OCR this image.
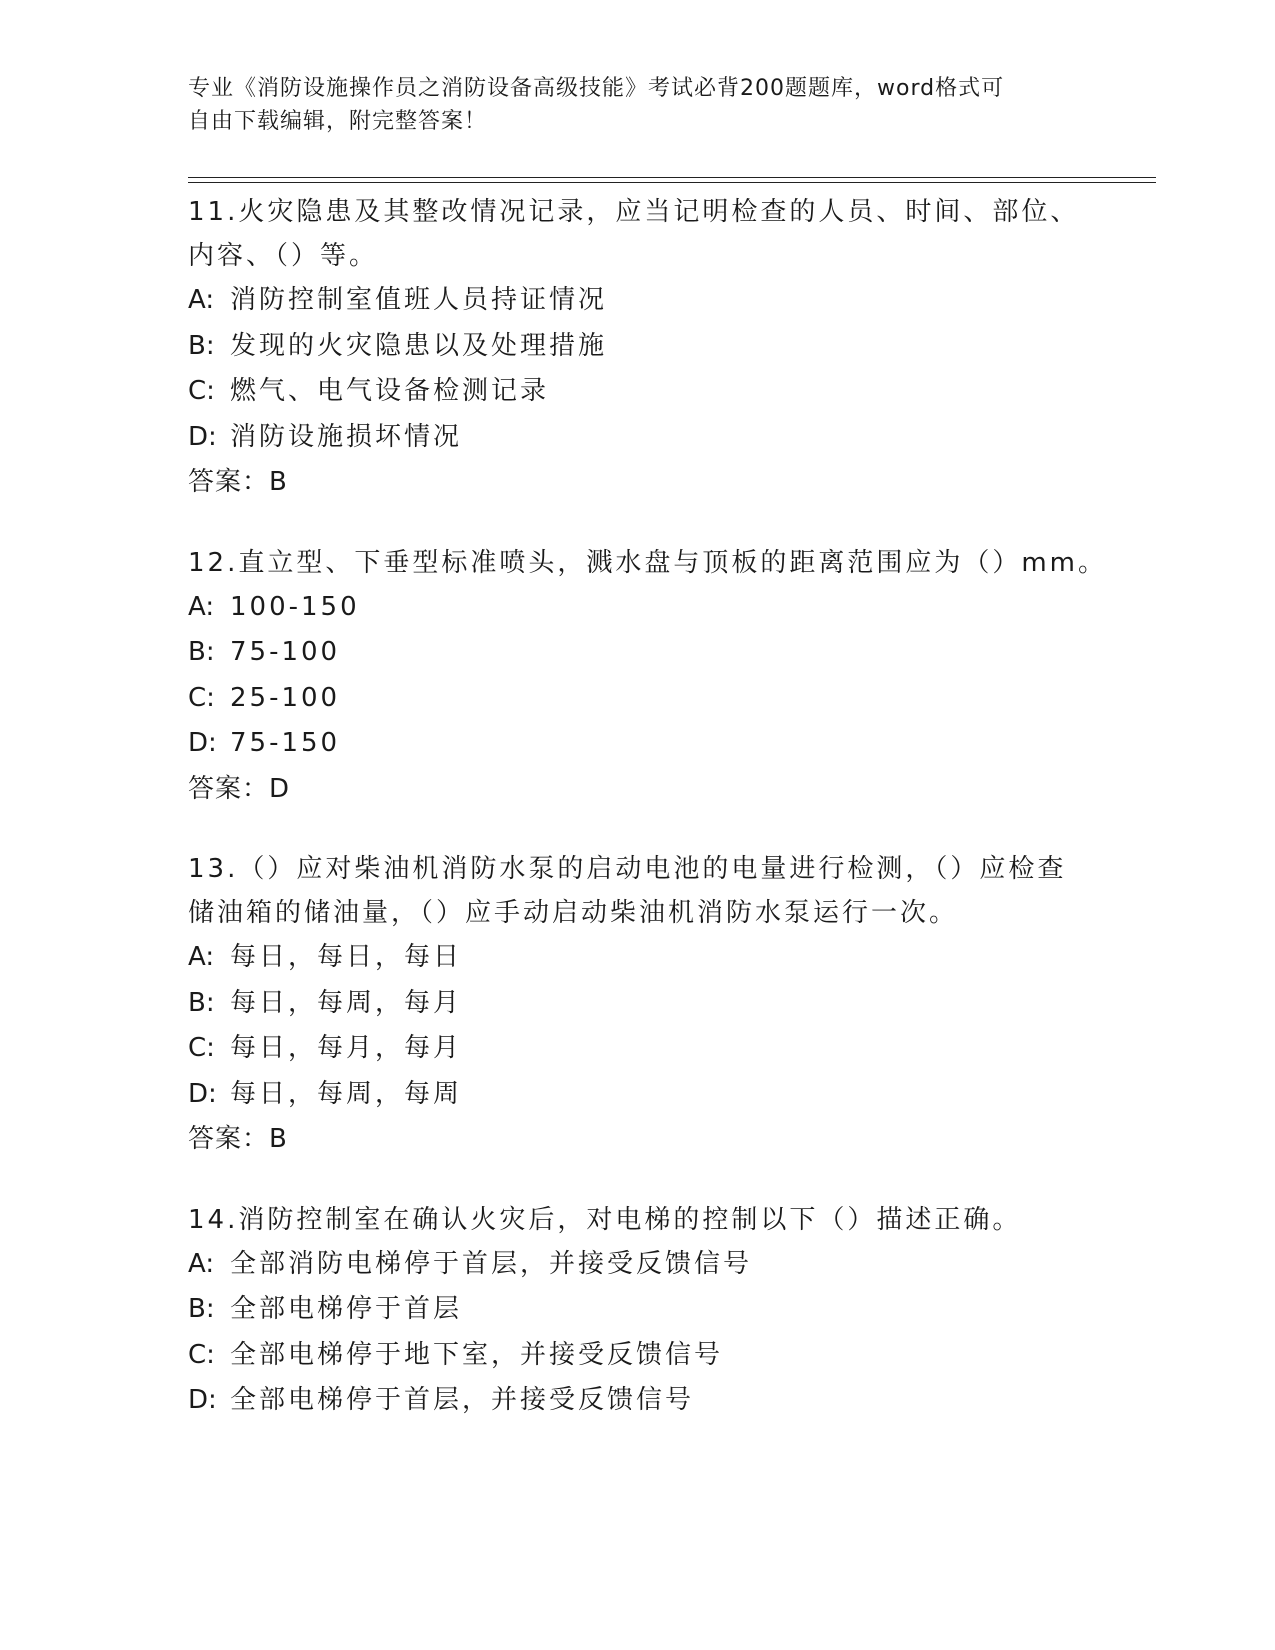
专业《消防设施操作员之消防设备高级技能》考试必背200题题库，word格式可
自由下载编辑，附完整答案！
11.火灾隐患及其整改情况记录，应当记明检查的人员、时间、部位、
内容、（）等。
A: 消防控制室值班人员持证情况
B: 发现的火灾隐患以及处理措施
C: 燃气、电气设备检测记录
D: 消防设施损坏情况
答案：B
12.直立型、下垂型标准喷头，溅水盘与顶板的距离范围应为（）mm。
A: 100-150
B: 75-100
C: 25-100
D: 75-150
答案：D
13.（）应对柴油机消防水泵的启动电池的电量进行检测，（）应检查
储油箱的储油量，（）应手动启动柴油机消防水泵运行一次。
A: 每日，每日，每日
B: 每日，每周，每月
C: 每日，每月，每月
D: 每日，每周，每周
答案：B
14.消防控制室在确认火灾后，对电梯的控制以下（）描述正确。
A: 全部消防电梯停于首层，并接受反馈信号
B: 全部电梯停于首层
C: 全部电梯停于地下室，并接受反馈信号
D: 全部电梯停于首层，并接受反馈信号
